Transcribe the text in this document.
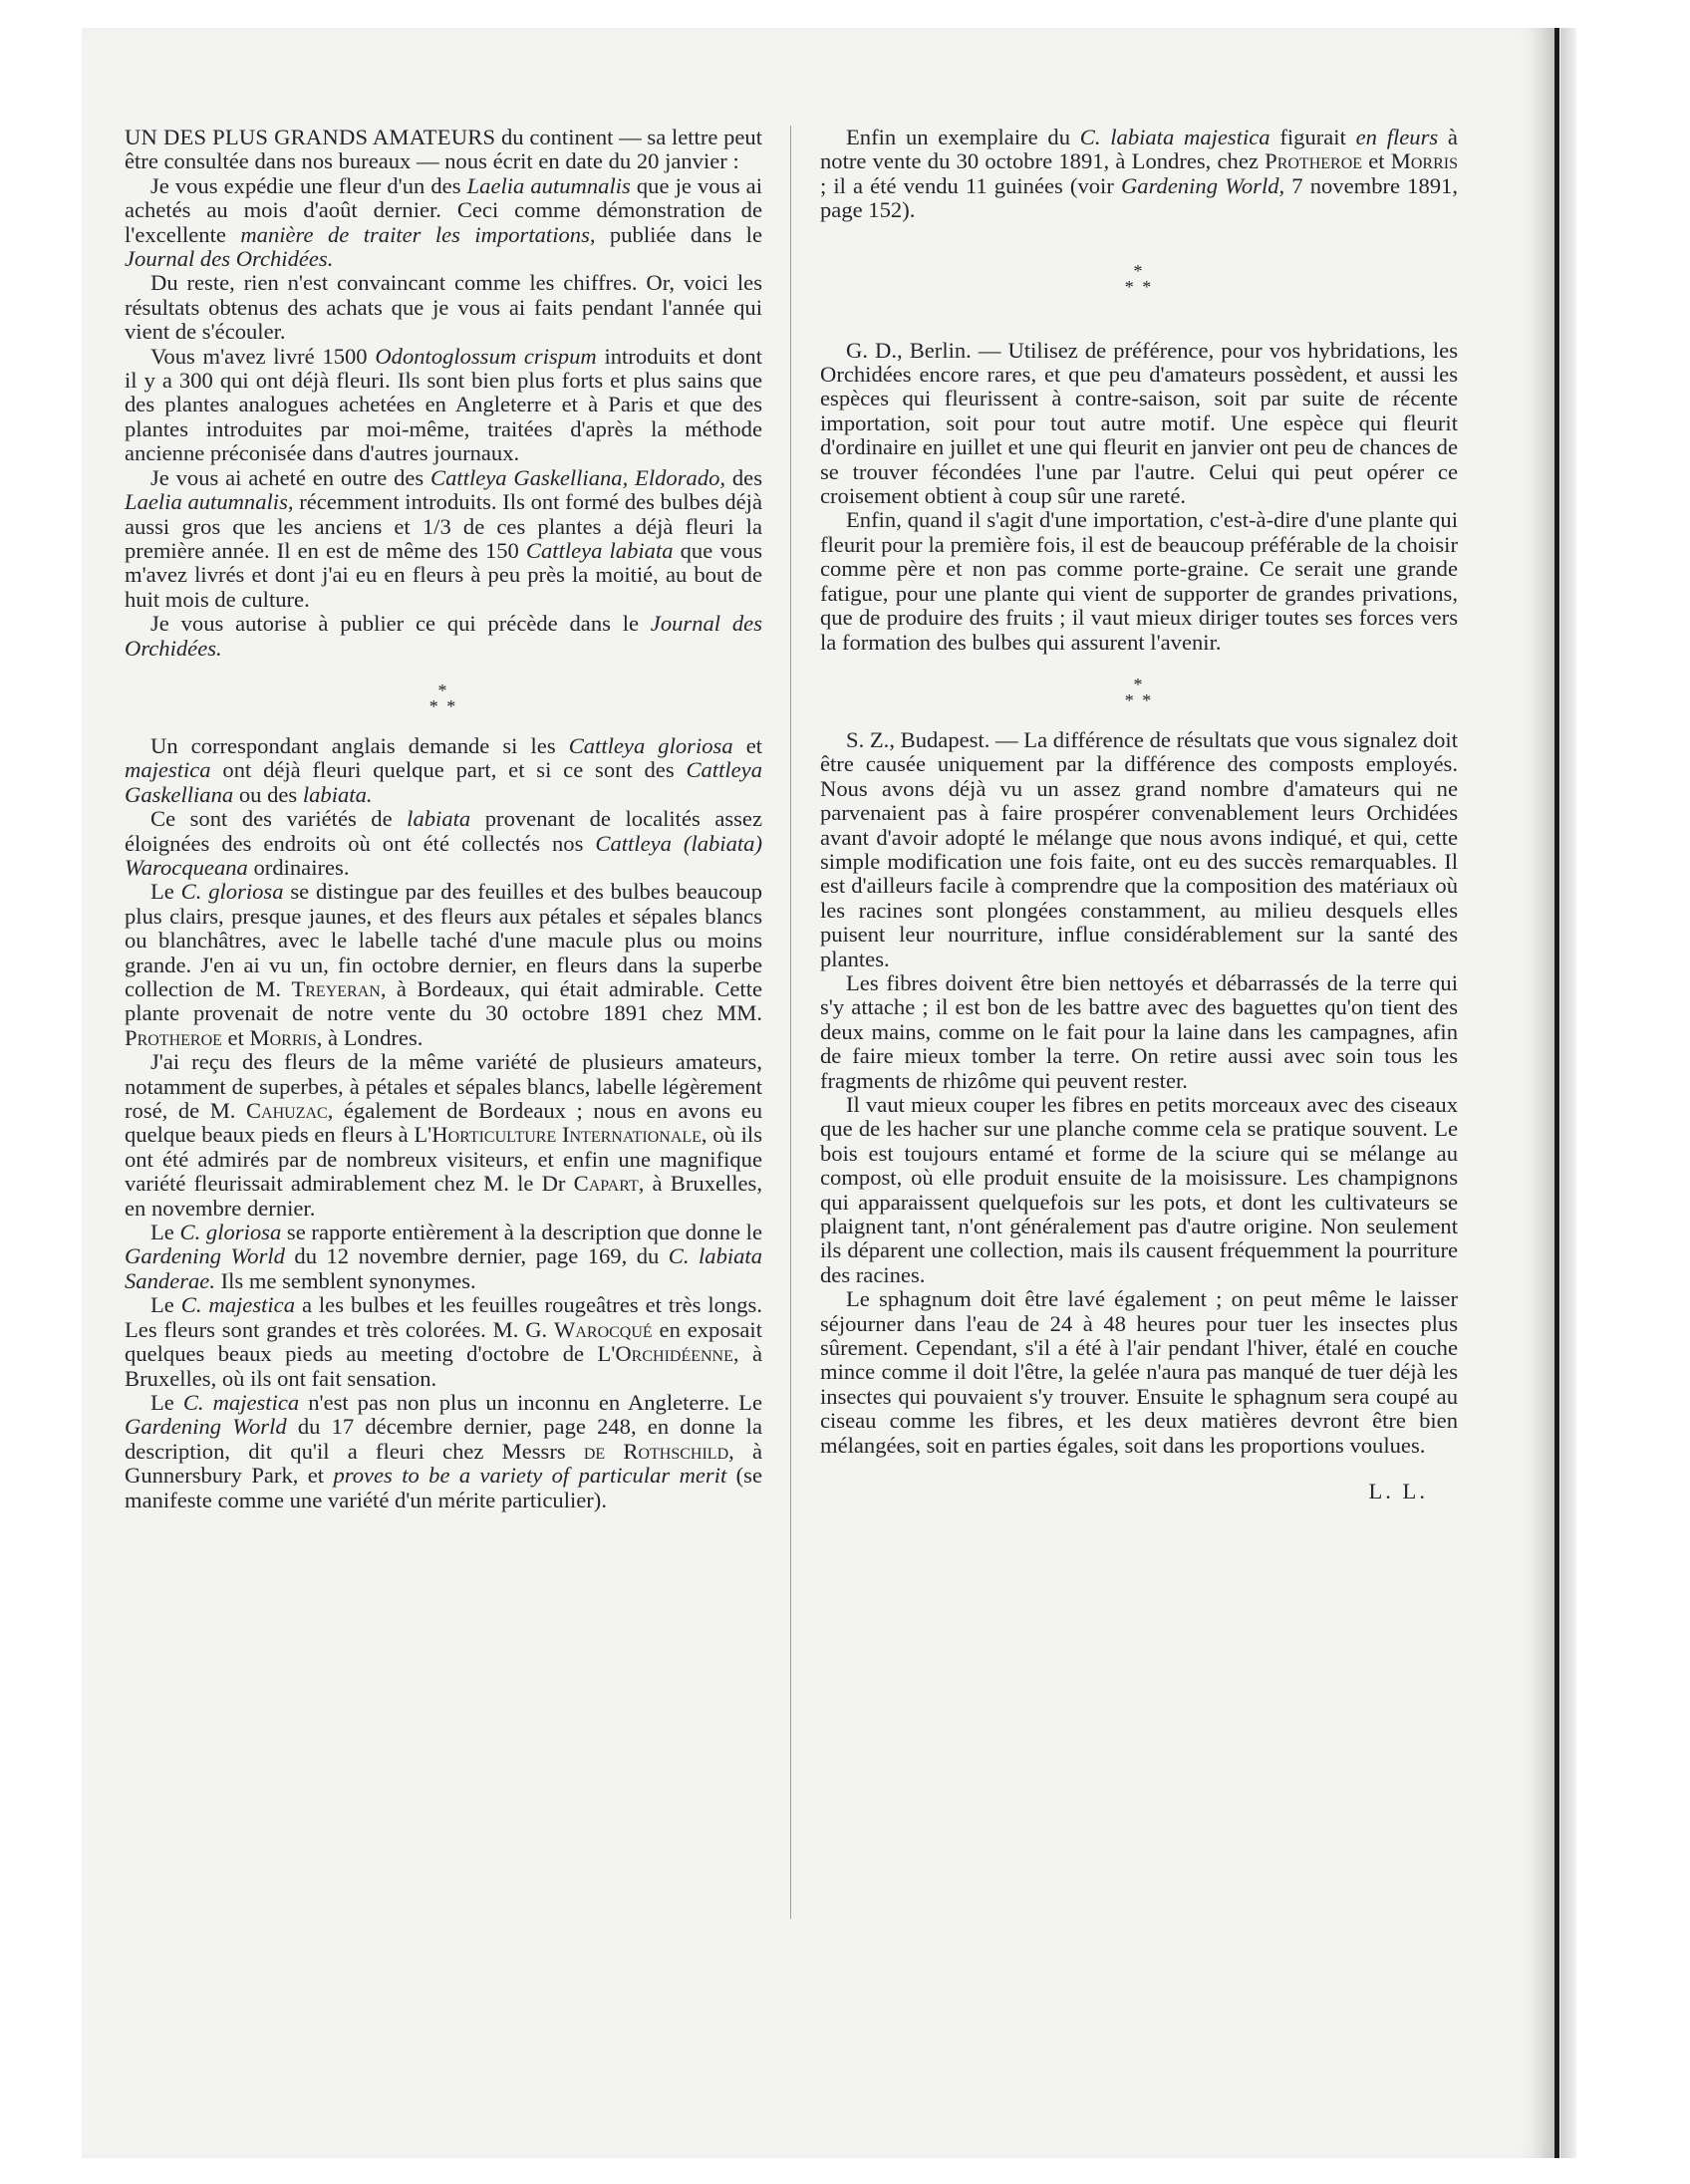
UN DES PLUS GRANDS AMATEURS du continent — sa lettre peut être consultée dans nos bureaux — nous écrit en date du 20 janvier :

Je vous expédie une fleur d'un des Laelia autumnalis que je vous ai achetés au mois d'août dernier. Ceci comme démonstration de l'excellente manière de traiter les importations, publiée dans le Journal des Orchidées.

Du reste, rien n'est convaincant comme les chiffres. Or, voici les résultats obtenus des achats que je vous ai faits pendant l'année qui vient de s'écouler.

Vous m'avez livré 1500 Odontoglossum crispum introduits et dont il y a 300 qui ont déjà fleuri. Ils sont bien plus forts et plus sains que des plantes analogues achetées en Angleterre et à Paris et que des plantes introduites par moi-même, traitées d'après la méthode ancienne préconisée dans d'autres journaux.

Je vous ai acheté en outre des Cattleya Gaskelliana, Eldorado, des Laelia autumnalis, récemment introduits. Ils ont formé des bulbes déjà aussi gros que les anciens et 1/3 de ces plantes a déjà fleuri la première année. Il en est de même des 150 Cattleya labiata que vous m'avez livrés et dont j'ai eu en fleurs à peu près la moitié, au bout de huit mois de culture.

Je vous autorise à publier ce qui précède dans le Journal des Orchidées.

*
* *

Un correspondant anglais demande si les Cattleya gloriosa et majestica ont déjà fleuri quelque part, et si ce sont des Cattleya Gaskelliana ou des labiata.

Ce sont des variétés de labiata provenant de localités assez éloignées des endroits où ont été collectés nos Cattleya (labiata) Warocqueana ordinaires.

Le C. gloriosa se distingue par des feuilles et des bulbes beaucoup plus clairs, presque jaunes, et des fleurs aux pétales et sépales blancs ou blanchâtres, avec le labelle taché d'une macule plus ou moins grande. J'en ai vu un, fin octobre dernier, en fleurs dans la superbe collection de M. Treyeran, à Bordeaux, qui était admirable. Cette plante provenait de notre vente du 30 octobre 1891 chez MM. Protheroe et Morris, à Londres.

J'ai reçu des fleurs de la même variété de plusieurs amateurs, notamment de superbes, à pétales et sépales blancs, labelle légèrement rosé, de M. Cahuzac, également de Bordeaux ; nous en avons eu quelque beaux pieds en fleurs à L'Horticulture Internationale, où ils ont été admirés par de nombreux visiteurs, et enfin une magnifique variété fleurissait admirablement chez M. le Dr Capart, à Bruxelles, en novembre dernier.

Le C. gloriosa se rapporte entièrement à la description que donne le Gardening World du 12 novembre dernier, page 169, du C. labiata Sanderae. Ils me semblent synonymes.

Le C. majestica a les bulbes et les feuilles rougeâtres et très longs. Les fleurs sont grandes et très colorées. M. G. Warocqué en exposait quelques beaux pieds au meeting d'octobre de L'Orchidéenne, à Bruxelles, où ils ont fait sensation.

Le C. majestica n'est pas non plus un inconnu en Angleterre. Le Gardening World du 17 décembre dernier, page 248, en donne la description, dit qu'il a fleuri chez Messrs de Rothschild, à Gunnersbury Park, et proves to be a variety of particular merit (se manifeste comme une variété d'un mérite particulier).

Enfin un exemplaire du C. labiata majestica figurait en fleurs à notre vente du 30 octobre 1891, à Londres, chez Protheroe et Morris ; il a été vendu 11 guinées (voir Gardening World, 7 novembre 1891, page 152).

*
* *

G. D., Berlin. — Utilisez de préférence, pour vos hybridations, les Orchidées encore rares, et que peu d'amateurs possèdent, et aussi les espèces qui fleurissent à contre-saison, soit par suite de récente importation, soit pour tout autre motif. Une espèce qui fleurit d'ordinaire en juillet et une qui fleurit en janvier ont peu de chances de se trouver fécondées l'une par l'autre. Celui qui peut opérer ce croisement obtient à coup sûr une rareté.

Enfin, quand il s'agit d'une importation, c'est-à-dire d'une plante qui fleurit pour la première fois, il est de beaucoup préférable de la choisir comme père et non pas comme porte-graine. Ce serait une grande fatigue, pour une plante qui vient de supporter de grandes privations, que de produire des fruits ; il vaut mieux diriger toutes ses forces vers la formation des bulbes qui assurent l'avenir.

*
* *

S. Z., Budapest. — La différence de résultats que vous signalez doit être causée uniquement par la différence des composts employés. Nous avons déjà vu un assez grand nombre d'amateurs qui ne parvenaient pas à faire prospérer convenablement leurs Orchidées avant d'avoir adopté le mélange que nous avons indiqué, et qui, cette simple modification une fois faite, ont eu des succès remarquables. Il est d'ailleurs facile à comprendre que la composition des matériaux où les racines sont plongées constamment, au milieu desquels elles puisent leur nourriture, influe considérablement sur la santé des plantes.

Les fibres doivent être bien nettoyés et débarrassés de la terre qui s'y attache ; il est bon de les battre avec des baguettes qu'on tient des deux mains, comme on le fait pour la laine dans les campagnes, afin de faire mieux tomber la terre. On retire aussi avec soin tous les fragments de rhizôme qui peuvent rester.

Il vaut mieux couper les fibres en petits morceaux avec des ciseaux que de les hacher sur une planche comme cela se pratique souvent. Le bois est toujours entamé et forme de la sciure qui se mélange au compost, où elle produit ensuite de la moisissure. Les champignons qui apparaissent quelquefois sur les pots, et dont les cultivateurs se plaignent tant, n'ont généralement pas d'autre origine. Non seulement ils déparent une collection, mais ils causent fréquemment la pourriture des racines.

Le sphagnum doit être lavé également ; on peut même le laisser séjourner dans l'eau de 24 à 48 heures pour tuer les insectes plus sûrement. Cependant, s'il a été à l'air pendant l'hiver, étalé en couche mince comme il doit l'être, la gelée n'aura pas manqué de tuer déjà les insectes qui pouvaient s'y trouver. Ensuite le sphagnum sera coupé au ciseau comme les fibres, et les deux matières devront être bien mélangées, soit en parties égales, soit dans les proportions voulues.

L. L.
